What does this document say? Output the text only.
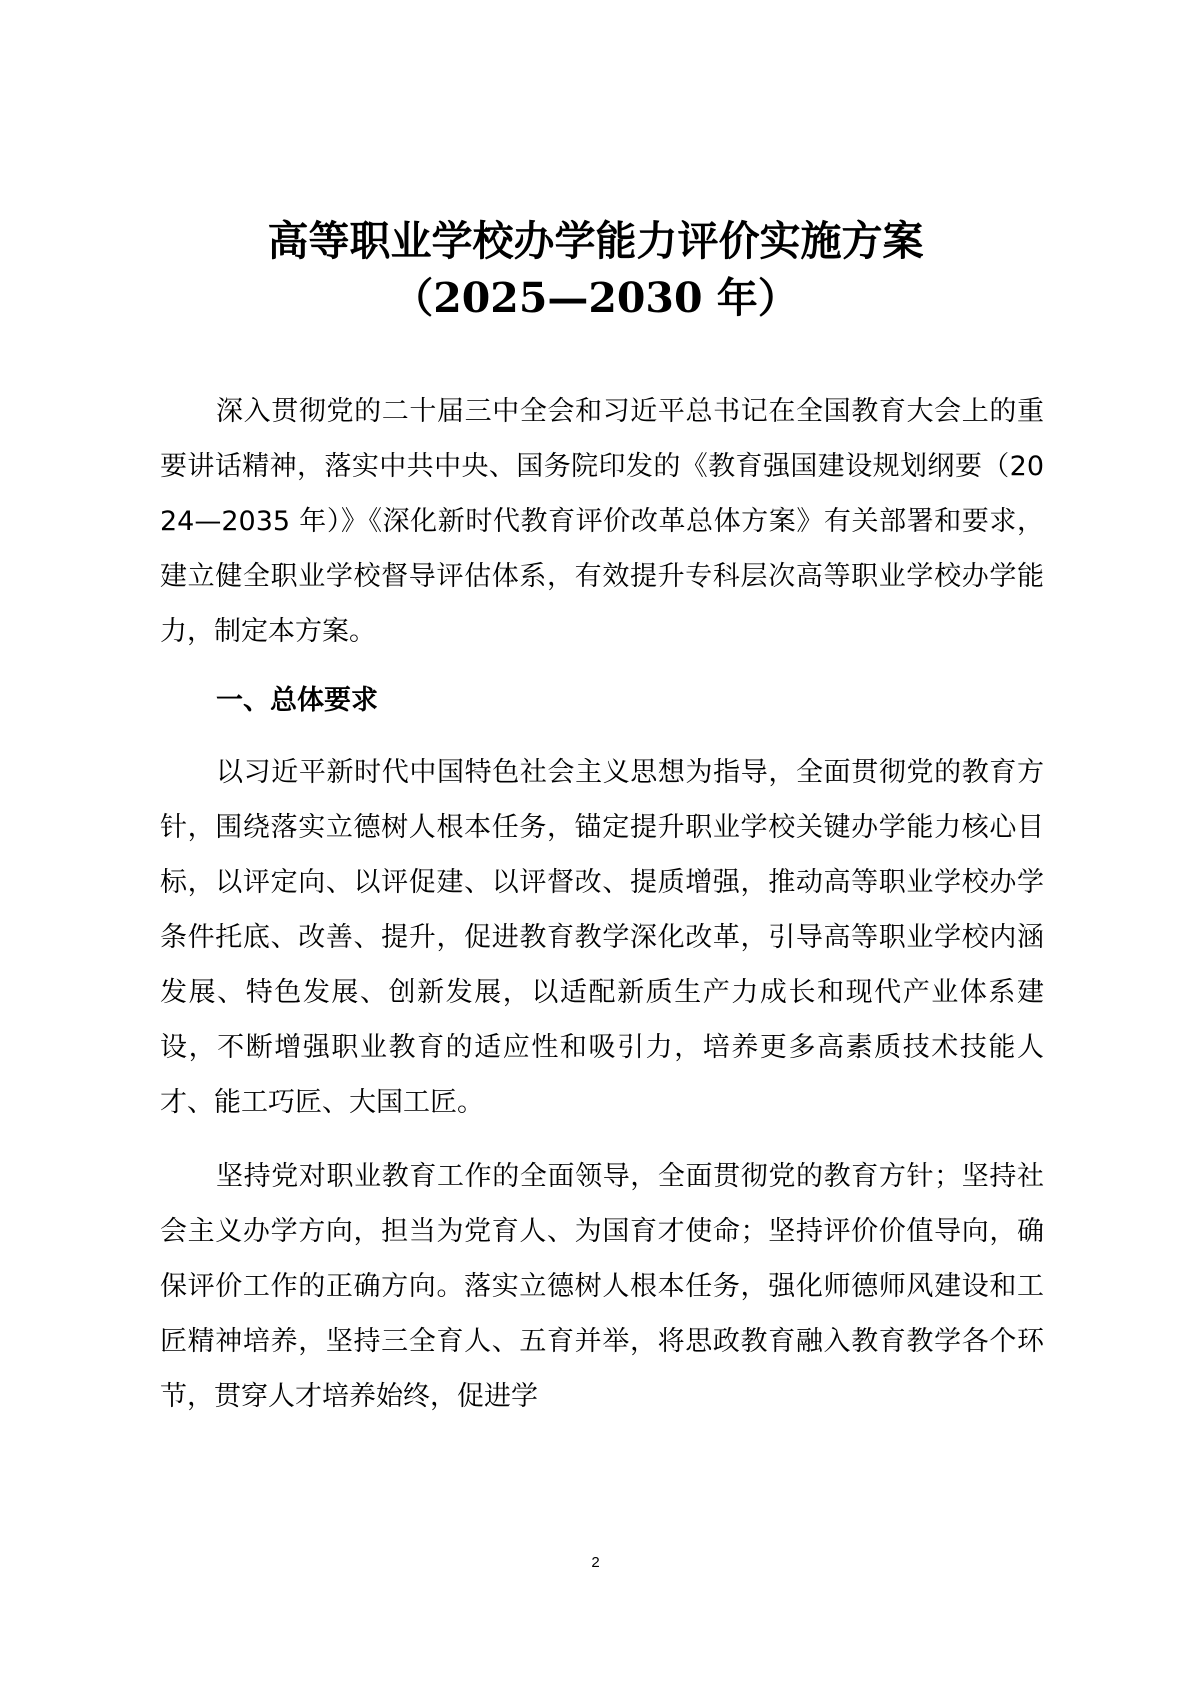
高等职业学校办学能力评价实施方案
（2025—2030 年）

深入贯彻党的二十届三中全会和习近平总书记在全国教育大会上的重要讲话精神，落实中共中央、国务院印发的《教育强国建设规划纲要（2024—2035 年）》《深化新时代教育评价改革总体方案》有关部署和要求，建立健全职业学校督导评估体系，有效提升专科层次高等职业学校办学能力，制定本方案。

一、总体要求

以习近平新时代中国特色社会主义思想为指导，全面贯彻党的教育方针，围绕落实立德树人根本任务，锚定提升职业学校关键办学能力核心目标，以评定向、以评促建、以评督改、提质增强，推动高等职业学校办学条件托底、改善、提升，促进教育教学深化改革，引导高等职业学校内涵发展、特色发展、创新发展，以适配新质生产力成长和现代产业体系建设，不断增强职业教育的适应性和吸引力，培养更多高素质技术技能人才、能工巧匠、大国工匠。

坚持党对职业教育工作的全面领导，全面贯彻党的教育方针；坚持社会主义办学方向，担当为党育人、为国育才使命；坚持评价价值导向，确保评价工作的正确方向。落实立德树人根本任务，强化师德师风建设和工匠精神培养，坚持三全育人、五育并举，将思政教育融入教育教学各个环节，贯穿人才培养始终，促进学

2
